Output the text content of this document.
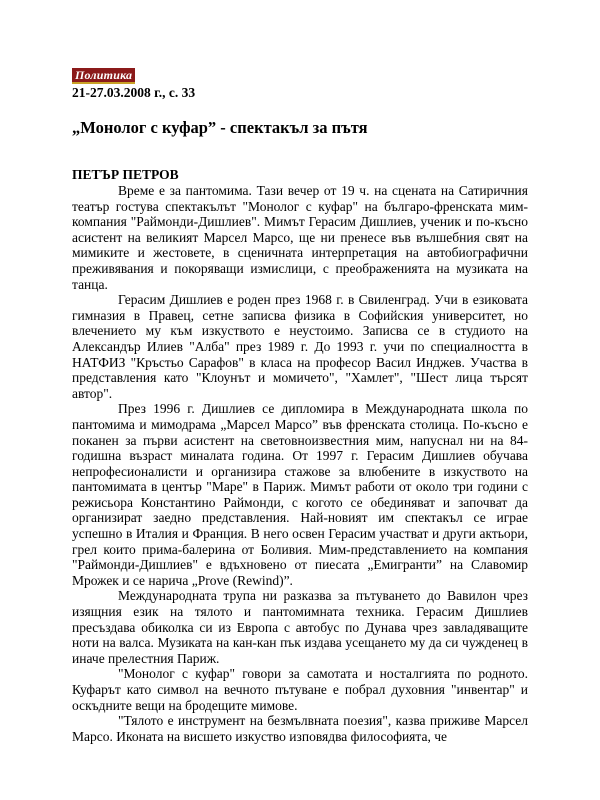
Политика
21-27.03.2008 г., с. 33
„Монолог с куфар” - спектакъл за пътя
ПЕТЪР ПЕТРОВ

Време е за пантомима. Тази вечер от 19 ч. на сцената на Сатиричния театър гостува спектакълът "Монолог с куфар" на българо-френската мим-компания "Раймонди-Дишлиев". Мимът Герасим Дишлиев, ученик и по-късно асистент на великият Марсел Марсо, ще ни пренесе във вълшебния свят на мимиките и жестовете, в сценичната интерпретация на автобиографични преживявания и покоряващи измислици, с преображенията на музиката на танца.

Герасим Дишлиев е роден през 1968 г. в Свиленград. Учи в езиковата гимназия в Правец, сетне записва физика в Софийския университет, но влечението му към изкуството е неустоимо. Записва се в студиото на Александър Илиев "Алба" през 1989 г. До 1993 г. учи по специалността в НАТФИЗ "Кръстьо Сарафов" в класа на професор Васил Инджев. Участва в представления като "Клоунът и момичето", "Хамлет", "Шест лица търсят автор".

През 1996 г. Дишлиев се дипломира в Международната школа по пантомима и мимодрама „Марсел Марсо” във френската столица. По-късно е поканен за първи асистент на световноизвестния мим, напуснал ни на 84-годишна възраст миналата година. От 1997 г. Герасим Дишлиев обучава непрофесионалисти и организира стажове за влюбените в изкуството на пантомимата в център "Маре" в Париж. Мимът работи от около три години с режисьора Константино Раймонди, с когото се обединяват и започват да организират заедно представления. Най-новият им спектакъл се играе успешно в Италия и Франция. В него освен Герасим участват и други актьори, грел които прима-балерина от Боливия. Мим-представлението на компания "Раймонди-Дишлиев" е вдъхновено от пиесата „Емигранти” на Славомир Мрожек и се нарича „Prove (Rewind)”.

Международната трупа ни разказва за пътуването до Вавилон чрез изящния език на тялото и пантомимната техника. Герасим Дишлиев пресъздава обиколка си из Европа с автобус по Дунава чрез завладяващите ноти на валса. Музиката на кан-кан пък издава усещането му да си чужденец в иначе прелестния Париж.

"Монолог с куфар" говори за самотата и носталгията по родното. Куфарът като символ на вечното пътуване е побрал духовния "инвентар" и оскъдните вещи на бродещите мимове.

"Тялото е инструмент на безмълвната поезия", казва приживе Марсел Марсо. Иконата на висшето изкуство изповядва философията, че
